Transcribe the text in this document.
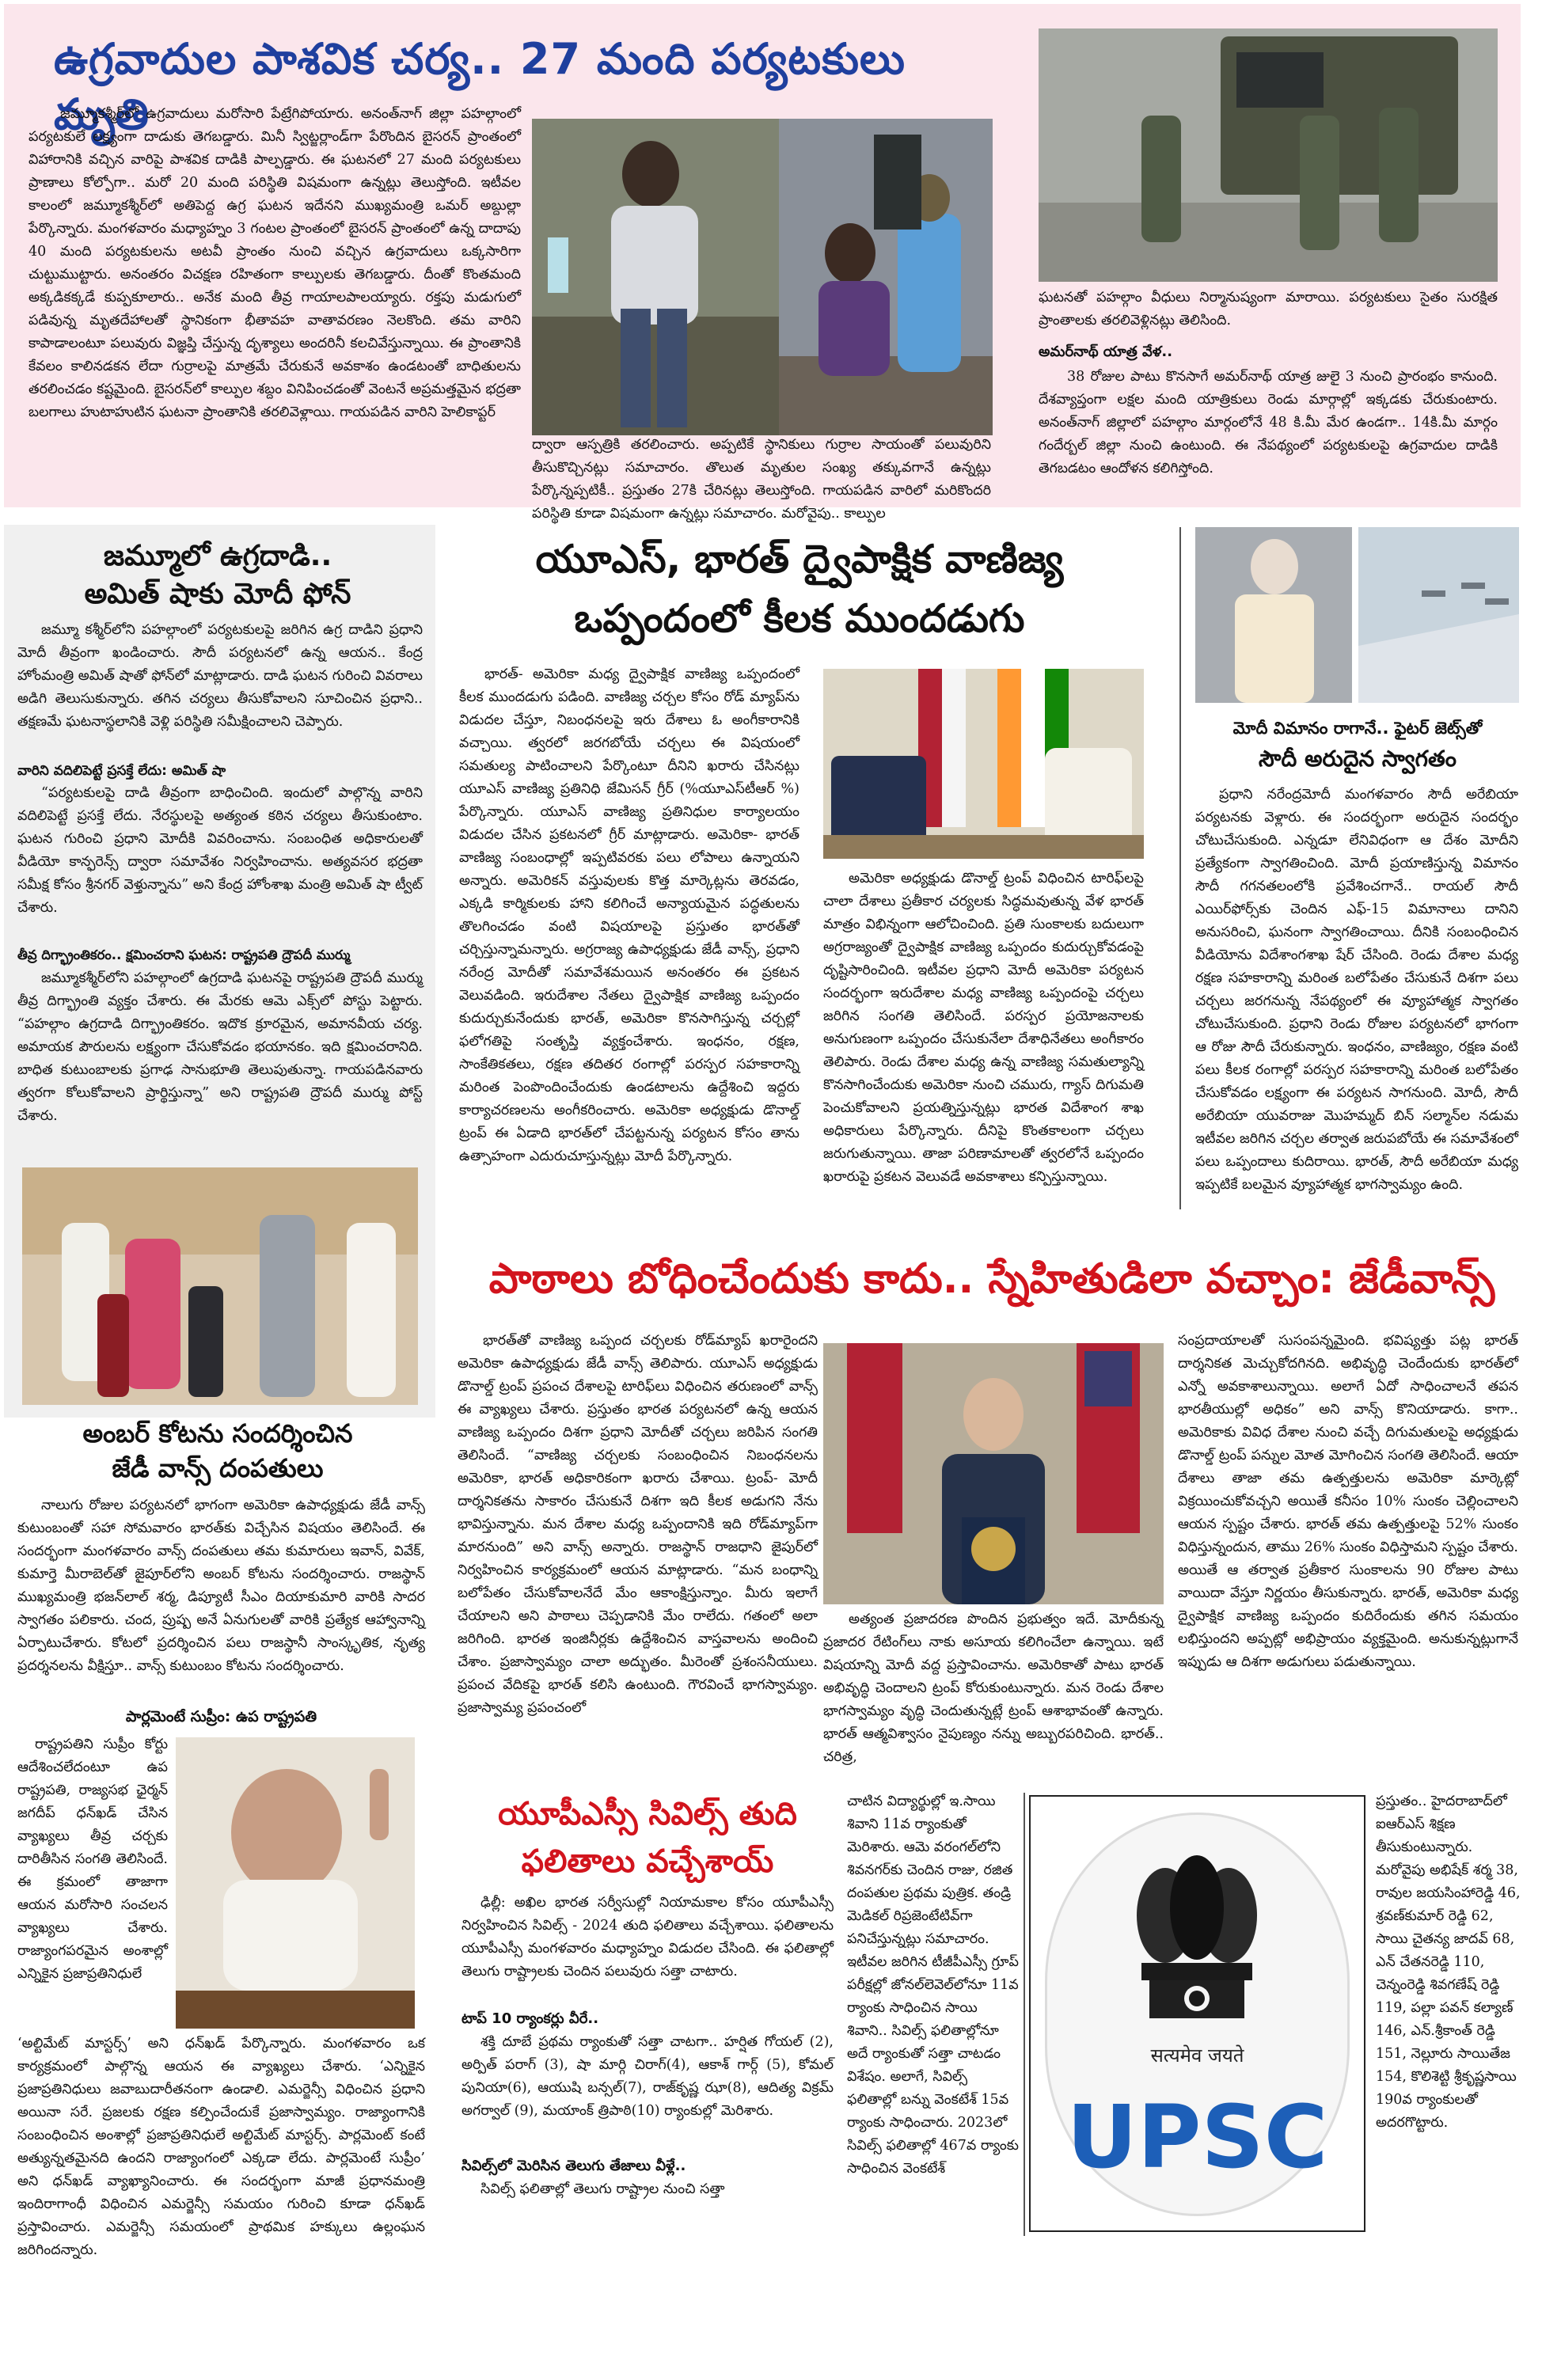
ఉగ్రవాదుల పాశవిక చర్య.. 27 మంది పర్యటకులు మృతి
జమ్మూకశ్మీర్‌లో ఉగ్రవాదులు మరోసారి పేట్రేగిపోయారు. అనంత్‌నాగ్ జిల్లా పహల్గాంలో పర్యటకులే లక్ష్యంగా దాడుకు తెగబడ్డారు. మినీ స్విట్జర్లాండ్‌గా పేరొందిన బైసరన్ ప్రాంతంలో విహారానికి వచ్చిన వారిపై పాశవిక దాడికి పాల్పడ్డారు. ఈ ఘటనలో 27 మంది పర్యటకులు ప్రాణాలు కోల్పోగా.. మరో 20 మంది పరిస్థితి విషమంగా ఉన్నట్లు తెలుస్తోంది. ఇటీవల కాలంలో జమ్మూకశ్మీర్‌లో అతిపెద్ద ఉగ్ర ఘటన ఇదేనని ముఖ్యమంత్రి ఒమర్ అబ్దుల్లా పేర్కొన్నారు. మంగళవారం మధ్యాహ్నం 3 గంటల ప్రాంతంలో బైసరన్ ప్రాంతంలో ఉన్న దాదాపు 40 మంది పర్యటకులను అటవీ ప్రాంతం నుంచి వచ్చిన ఉగ్రవాదులు ఒక్కసారిగా చుట్టుముట్టారు. అనంతరం విచక్షణ రహితంగా కాల్పులకు తెగబడ్డారు. దీంతో కొంతమంది అక్కడికక్కడే కుప్పకూలారు.. అనేక మంది తీవ్ర గాయాలపాలయ్యారు. రక్తపు మడుగులో పడివున్న మృతదేహాలతో స్థానికంగా భీతావహ వాతావరణం నెలకొంది. తమ వారిని కాపాడాలంటూ పలువురు విజ్ఞప్తి చేస్తున్న దృశ్యాలు అందరినీ కలచివేస్తున్నాయి. ఈ ప్రాంతానికి కేవలం కాలినడకన లేదా గుర్రాలపై మాత్రమే చేరుకునే అవకాశం ఉండటంతో బాధితులను తరలించడం కష్టమైంది. బైసరన్‌లో కాల్పుల శబ్దం వినిపించడంతో వెంటనే అప్రమత్తమైన భద్రతా బలగాలు హుటాహుటిన ఘటనా ప్రాంతానికి తరలివెళ్లాయి. గాయపడిన వారిని హెలికాప్టర్
ద్వారా ఆస్పత్రికి తరలించారు. అప్పటికే స్థానికులు గుర్రాల సాయంతో పలువురిని తీసుకొచ్చినట్లు సమాచారం. తొలుత మృతుల సంఖ్య తక్కువగానే ఉన్నట్లు పేర్కొన్నప్పటికీ.. ప్రస్తుతం 27కి చేరినట్లు తెలుస్తోంది. గాయపడిన వారిలో మరికొందరి పరిస్థితి కూడా విషమంగా ఉన్నట్లు సమాచారం. మరోవైపు.. కాల్పుల
ఘటనతో పహల్గాం వీధులు నిర్మానుష్యంగా మారాయి. పర్యటకులు సైతం సురక్షిత ప్రాంతాలకు తరలివెళ్లినట్లు తెలిసింది.
అమర్‌నాథ్ యాత్ర వేళ..
38 రోజుల పాటు కొనసాగే అమర్‌నాథ్ యాత్ర జులై 3 నుంచి ప్రారంభం కానుంది. దేశవ్యాప్తంగా లక్షల మంది యాత్రికులు రెండు మార్గాల్లో ఇక్కడకు చేరుకుంటారు. అనంత్‌నాగ్ జిల్లాలో పహల్గాం మార్గంలోనే 48 కి.మీ మేర ఉండగా.. 14కి.మీ మార్గం గందేర్బల్ జిల్లా నుంచి ఉంటుంది. ఈ నేపథ్యంలో పర్యటకులపై ఉగ్రవాదుల దాడికి తెగబడటం ఆందోళన కలిగిస్తోంది.
జమ్మూలో ఉగ్రదాడి..
అమిత్ షాకు మోదీ ఫోన్
జమ్మూ కశ్మీర్‌లోని పహల్గాంలో పర్యటకులపై జరిగిన ఉగ్ర దాడిని ప్రధాని మోదీ తీవ్రంగా ఖండించారు. సౌదీ పర్యటనలో ఉన్న ఆయన.. కేంద్ర హోంమంత్రి అమిత్ షాతో ఫోన్‌లో మాట్లాడారు. దాడి ఘటన గురించి వివరాలు అడిగి తెలుసుకున్నారు. తగిన చర్యలు తీసుకోవాలని సూచించిన ప్రధాని.. తక్షణమే ఘటనాస్థలానికి వెళ్లి పరిస్థితి సమీక్షించాలని చెప్పారు.
వారిని వదిలిపెట్టే ప్రసక్తే లేదు: అమిత్ షా
“పర్యటకులపై దాడి తీవ్రంగా బాధించింది. ఇందులో పాల్గొన్న వారిని వదిలిపెట్టే ప్రసక్తే లేదు. నేరస్థులపై అత్యంత కఠిన చర్యలు తీసుకుంటాం. ఘటన గురించి ప్రధాని మోదీకి వివరించాను. సంబంధిత అధికారులతో వీడియో కాన్ఫరెన్స్ ద్వారా సమావేశం నిర్వహించాను. అత్యవసర భద్రతా సమీక్ష కోసం శ్రీనగర్ వెళ్తున్నాను” అని కేంద్ర హోంశాఖ మంత్రి అమిత్ షా ట్వీట్ చేశారు.
తీవ్ర దిగ్భ్రాంతికరం.. క్షమించరాని ఘటన: రాష్ట్రపతి ద్రౌపదీ ముర్ము
జమ్మూకశ్మీర్‌లోని పహల్గాంలో ఉగ్రదాడి ఘటనపై రాష్ట్రపతి ద్రౌపదీ ముర్ము తీవ్ర దిగ్భ్రాంతి వ్యక్తం చేశారు. ఈ మేరకు ఆమె ఎక్స్‌లో పోస్టు పెట్టారు. “పహల్గాం ఉగ్రదాడి దిగ్భ్రాంతికరం. ఇదొక క్రూరమైన, అమానవీయ చర్య. అమాయక పౌరులను లక్ష్యంగా చేసుకోవడం భయానకం. ఇది క్షమించరానిది. బాధిత కుటుంబాలకు ప్రగాఢ సానుభూతి తెలుపుతున్నా. గాయపడినవారు త్వరగా కోలుకోవాలని ప్రార్థిస్తున్నా” అని రాష్ట్రపతి ద్రౌపదీ ముర్ము పోస్ట్ చేశారు.
అంబర్ కోటను సందర్శించిన
జేడీ వాన్స్ దంపతులు
నాలుగు రోజుల పర్యటనలో భాగంగా అమెరికా ఉపాధ్యక్షుడు జేడీ వాన్స్ కుటుంబంతో సహా సోమవారం భారత్‌కు విచ్చేసిన విషయం తెలిసిందే. ఈ సందర్భంగా మంగళవారం వాన్స్ దంపతులు తమ కుమారులు ఇవాన్, వివేక్, కుమార్తె మీరాబెల్‌తో జైపూర్‌లోని అంబర్ కోటను సందర్శించారు. రాజస్థాన్ ముఖ్యమంత్రి భజన్‌లాల్ శర్మ, డిప్యూటీ సీఎం దియాకుమారి వారికి సాదర స్వాగతం పలికారు. చంద, ప్రుష్ప అనే ఏనుగులతో వారికి ప్రత్యేక ఆహ్వానాన్ని ఏర్పాటుచేశారు. కోటలో ప్రదర్శించిన పలు రాజస్థానీ సాంస్కృతిక, నృత్య ప్రదర్శనలను వీక్షిస్తూ.. వాన్స్ కుటుంబం కోటను సందర్శించారు.
పార్లమెంటే సుప్రీం: ఉప రాష్ట్రపతి
రాష్ట్రపతిని సుప్రీం కోర్టు ఆదేశించలేదంటూ ఉప రాష్ట్రపతి, రాజ్యసభ ఛైర్మన్ జగదీప్ ధన్‌ఖడ్ చేసిన వ్యాఖ్యలు తీవ్ర చర్చకు దారితీసిన సంగతి తెలిసిందే. ఈ క్రమంలో తాజాగా ఆయన మరోసారి సంచలన వ్యాఖ్యలు చేశారు. రాజ్యాంగపరమైన అంశాల్లో ఎన్నికైన ప్రజాప్రతినిధులే
‘అల్టిమేట్ మాస్టర్స్’ అని ధన్‌ఖడ్ పేర్కొన్నారు. మంగళవారం ఒక కార్యక్రమంలో పాల్గొన్న ఆయన ఈ వ్యాఖ్యలు చేశారు. ‘ఎన్నికైన ప్రజాప్రతినిధులు జవాబుదారీతనంగా ఉండాలి. ఎమర్జెన్సీ విధించిన ప్రధాని అయినా సరే. ప్రజలకు రక్షణ కల్పించేందుకే ప్రజాస్వామ్యం. రాజ్యాంగానికి సంబంధించిన అంశాల్లో ప్రజాప్రతినిధులే అల్టిమేట్ మాస్టర్స్. పార్లమెంట్ కంటే అత్యున్నతమైనది ఉందని రాజ్యాంగంలో ఎక్కడా లేదు. పార్లమెంటే సుప్రీం’ అని ధన్‌ఖడ్ వ్యాఖ్యానించారు. ఈ సందర్భంగా మాజీ ప్రధానమంత్రి ఇందిరాగాంధీ విధించిన ఎమర్జెన్సీ సమయం గురించి కూడా ధన్‌ఖడ్ ప్రస్తావించారు. ఎమర్జెన్సీ సమయంలో ప్రాథమిక హక్కులు ఉల్లంఘన జరిగిందన్నారు.
యూఎస్, భారత్ ద్వైపాక్షిక వాణిజ్య
ఒప్పందంలో కీలక ముందడుగు
భారత్- అమెరికా మధ్య ద్వైపాక్షిక వాణిజ్య ఒప్పందంలో కీలక ముందడుగు పడింది. వాణిజ్య చర్చల కోసం రోడ్ మ్యాప్‌ను విడుదల చేస్తూ, నిబంధనలపై ఇరు దేశాలు ఓ అంగీకారానికి వచ్చాయి. త్వరలో జరగబోయే చర్చలు ఈ విషయంలో సమతుల్య పాటించాలని పేర్కొంటూ దీనిని ఖరారు చేసినట్లు యూఎస్ వాణిజ్య ప్రతినిధి జేమిసన్ గ్రీర్ (%యూఎస్‌టీఆర్‌ %) పేర్కొన్నారు. యూఎస్ వాణిజ్య ప్రతినిధుల కార్యాలయం విడుదల చేసిన ప్రకటనలో గ్రీర్ మాట్లాడారు. అమెరికా- భారత్ వాణిజ్య సంబంధాల్లో ఇప్పటివరకు పలు లోపాలు ఉన్నాయని అన్నారు. అమెరికన్ వస్తువులకు కొత్త మార్కెట్లను తెరవడం, ఎక్కడి కార్మికులకు హాని కలిగించే అన్యాయమైన పద్ధతులను తొలగించడం వంటి విషయాలపై ప్రస్తుతం భారత్‌తో చర్చిస్తున్నామన్నారు. అగ్రరాజ్య ఉపాధ్యక్షుడు జేడీ వాన్స్, ప్రధాని నరేంద్ర మోదీతో సమావేశమయిన అనంతరం ఈ ప్రకటన వెలువడింది. ఇరుదేశాల నేతలు ద్వైపాక్షిక వాణిజ్య ఒప్పందం కుదుర్చుకునేందుకు భారత్, అమెరికా కొనసాగిస్తున్న చర్చల్లో ఫలోగతిపై సంతృప్తి వ్యక్తంచేశారు. ఇంధనం, రక్షణ, సాంకేతికతలు, రక్షణ తదితర రంగాల్లో పరస్పర సహకారాన్ని మరింత పెంపొందించేందుకు ఉండటాలను ఉద్దేశించి ఇద్దరు కార్యాచరణలను అంగీకరించారు. అమెరికా అధ్యక్షుడు డొనాల్డ్ ట్రంప్ ఈ ఏడాది భారత్‌లో చేపట్టనున్న పర్యటన కోసం తాను ఉత్సాహంగా ఎదురుచూస్తున్నట్లు మోదీ పేర్కొన్నారు.
అమెరికా అధ్యక్షుడు డొనాల్డ్ ట్రంప్ విధించిన టారిఫ్‌లపై చాలా దేశాలు ప్రతీకార చర్యలకు సిద్ధమవుతున్న వేళ భారత్ మాత్రం విభిన్నంగా ఆలోచించింది. ప్రతి సుంకాలకు బదులుగా అగ్రరాజ్యంతో ద్వైపాక్షిక వాణిజ్య ఒప్పందం కుదుర్చుకోవడంపై దృష్టిసారించింది. ఇటీవల ప్రధాని మోదీ అమెరికా పర్యటన సందర్భంగా ఇరుదేశాల మధ్య వాణిజ్య ఒప్పందంపై చర్చలు జరిగిన సంగతి తెలిసిందే. పరస్పర ప్రయోజనాలకు అనుగుణంగా ఒప్పందం చేసుకునేలా దేశాధినేతలు అంగీకారం తెలిపారు. రెండు దేశాల మధ్య ఉన్న వాణిజ్య సమతుల్యాన్ని కొనసాగించేందుకు అమెరికా నుంచి చమురు, గ్యాస్ దిగుమతి పెంచుకోవాలని ప్రయత్నిస్తున్నట్లు భారత విదేశాంగ శాఖ అధికారులు పేర్కొన్నారు. దీనిపై కొంతకాలంగా చర్చలు జరుగుతున్నాయి. తాజా పరిణామాలతో త్వరలోనే ఒప్పందం ఖరారుపై ప్రకటన వెలువడే అవకాశాలు కన్పిస్తున్నాయి.
మోదీ విమానం రాగానే.. ఫైటర్ జెట్స్‌తో
సౌదీ అరుదైన స్వాగతం
ప్రధాని నరేంద్రమోదీ మంగళవారం సౌదీ అరేబియా పర్యటనకు వెళ్లారు. ఈ సందర్భంగా అరుదైన సందర్భం చోటుచేసుకుంది. ఎన్నడూ లేనివిధంగా ఆ దేశం మోదీని ప్రత్యేకంగా స్వాగతించింది. మోదీ ప్రయాణిస్తున్న విమానం సౌదీ గగనతలంలోకి ప్రవేశించగానే.. రాయల్ సౌదీ ఎయిర్‌ఫోర్స్‌కు చెందిన ఎఫ్-15 విమానాలు దానిని అనుసరించి, ఘనంగా స్వాగతించాయి. దీనికి సంబంధించిన వీడియోను విదేశాంగశాఖ షేర్ చేసింది. రెండు దేశాల మధ్య రక్షణ సహకారాన్ని మరింత బలోపేతం చేసుకునే దిశగా పలు చర్చలు జరగనున్న నేపథ్యంలో ఈ వ్యూహాత్మక స్వాగతం చోటుచేసుకుంది. ప్రధాని రెండు రోజుల పర్యటనలో భాగంగా ఆ రోజు సౌదీ చేరుకున్నారు. ఇంధనం, వాణిజ్యం, రక్షణ వంటి పలు కీలక రంగాల్లో పరస్పర సహకారాన్ని మరింత బలోపేతం చేసుకోవడం లక్ష్యంగా ఈ పర్యటన సాగనుంది. మోదీ, సౌదీ అరేబియా యువరాజు మొహమ్మద్ బిన్ సల్మాన్‌ల నడుమ ఇటీవల జరిగిన చర్చల తర్వాత జరుపబోయే ఈ సమావేశంలో పలు ఒప్పందాలు కుదిరాయి. భారత్, సౌదీ అరేబియా మధ్య ఇప్పటికే బలమైన వ్యూహాత్మక భాగస్వామ్యం ఉంది.
పాఠాలు బోధించేందుకు కాదు.. స్నేహితుడిలా వచ్చాం: జేడీవాన్స్
భారత్‌తో వాణిజ్య ఒప్పంద చర్చలకు రోడ్‌మ్యాప్ ఖరారైందని అమెరికా ఉపాధ్యక్షుడు జేడీ వాన్స్ తెలిపారు. యూఎస్ అధ్యక్షుడు డొనాల్డ్ ట్రంప్ ప్రపంచ దేశాలపై టారిఫ్‌లు విధించిన తరుణంలో వాన్స్ ఈ వ్యాఖ్యలు చేశారు. ప్రస్తుతం భారత పర్యటనలో ఉన్న ఆయన వాణిజ్య ఒప్పందం దిశగా ప్రధాని మోదీతో చర్చలు జరిపిన సంగతి తెలిసిందే. “వాణిజ్య చర్చలకు సంబంధించిన నిబంధనలను అమెరికా, భారత్ అధికారికంగా ఖరారు చేశాయి. ట్రంప్- మోదీ దార్శనికతను సాకారం చేసుకునే దిశగా ఇది కీలక అడుగని నేను భావిస్తున్నాను. మన దేశాల మధ్య ఒప్పందానికి ఇది రోడ్‌మ్యాప్‌గా మారనుంది” అని వాన్స్ అన్నారు. రాజస్థాన్ రాజధాని జైపుర్‌లో నిర్వహించిన కార్యక్రమంలో ఆయన మాట్లాడారు. “మన బంధాన్ని బలోపేతం చేసుకోవాలనేదే మేం ఆకాంక్షిస్తున్నాం. మీరు ఇలాగే చేయాలని అని పాఠాలు చెప్పడానికి మేం రాలేదు. గతంలో అలా జరిగింది. భారత ఇంజినీర్లకు ఉద్దేశించిన వాస్తవాలను అందించి చేశాం. ప్రజాస్వామ్యం చాలా అద్భుతం. మీరెంతో ప్రశంసనీయులు. ప్రపంచ వేదికపై భారత్ కలిసి ఉంటుంది. గౌరవించే భాగస్వామ్యం. ప్రజాస్వామ్య ప్రపంచంలో
అత్యంత ప్రజాదరణ పొందిన ప్రభుత్వం ఇదే. మోదీకున్న ప్రజాదర రేటింగ్‌లు నాకు అసూయ కలిగించేలా ఉన్నాయి. ఇటే విషయాన్ని మోదీ వద్ద ప్రస్తావించాను. అమెరికాతో పాటు భారత్ అభివృద్ధి చెందాలని ట్రంప్ కోరుకుంటున్నారు. మన రెండు దేశాల భాగస్వామ్యం వృద్ధి చెందుతున్నట్లే ట్రంప్ ఆశాభావంతో ఉన్నారు. భారత్ ఆత్మవిశ్వాసం నైపుణ్యం నన్ను అబ్బురపరిచింది. భారత్.. చరిత్ర,
సంప్రదాయాలతో సుసంపన్నమైంది. భవిష్యత్తు పట్ల భారత్ దార్శనికత మెచ్చుకోదగినది. అభివృద్ధి చెందేందుకు భారత్‌లో ఎన్నో అవకాశాలున్నాయి. అలాగే ఏదో సాధించాలనే తపన భారతీయుల్లో అధికం” అని వాన్స్ కొనియాడారు. కాగా.. అమెరికాకు వివిధ దేశాల నుంచి వచ్చే దిగుమతులపై అధ్యక్షుడు డొనాల్డ్ ట్రంప్ పన్నుల మోత మోగించిన సంగతి తెలిసిందే. ఆయా దేశాలు తాజా తమ ఉత్పత్తులను అమెరికా మార్కెట్లో విక్రయించుకోవచ్చని అయితే కనీసం 10% సుంకం చెల్లించాలని ఆయన స్పష్టం చేశారు. భారత్ తమ ఉత్పత్తులపై 52% సుంకం విధిస్తున్నందున, తాము 26% సుంకం విధిస్తామని స్పష్టం చేశారు. అయితే ఆ తర్వాత ప్రతీకార సుంకాలను 90 రోజుల పాటు వాయిదా వేస్తూ నిర్ణయం తీసుకున్నారు. భారత్, అమెరికా మధ్య ద్వైపాక్షిక వాణిజ్య ఒప్పందం కుదిరేందుకు తగిన సమయం లభిస్తుందని అప్పట్లో అభిప్రాయం వ్యక్తమైంది. అనుకున్నట్లుగానే ఇప్పుడు ఆ దిశగా అడుగులు పడుతున్నాయి.
యూపీఎస్సీ సివిల్స్ తుది
ఫలితాలు వచ్చేశాయ్
ఢిల్లీ: అఖిల భారత సర్వీసుల్లో నియామకాల కోసం యూపీఎస్సీ నిర్వహించిన సివిల్స్ - 2024 తుది ఫలితాలు వచ్చేశాయి. ఫలితాలను యూపీఎస్సీ మంగళవారం మధ్యాహ్నం విడుదల చేసింది. ఈ ఫలితాల్లో తెలుగు రాష్ట్రాలకు చెందిన పలువురు సత్తా చాటారు.
టాప్ 10 ర్యాంకర్లు వీరే..
శక్తి దూబే ప్రథమ ర్యాంకుతో సత్తా చాటగా.. హర్షిత గోయల్ (2), అర్పిత్ పరాగ్ (3), షా మార్గి చిరాగ్(4), ఆకాశ్ గార్గ్ (5), కోమల్ పునియా(6), ఆయుషి బన్సల్(7), రాజ్‌కృష్ణ ఝా(8), ఆదిత్య విక్రమ్ అగర్వాల్ (9), మయాంక్ త్రిపాఠి(10) ర్యాంకుల్లో మెరిశారు.
సివిల్స్‌లో మెరిసిన తెలుగు తేజాలు వీళ్లే..
సివిల్స్ ఫలితాల్లో తెలుగు రాష్ట్రాల నుంచి సత్తా
చాటిన విద్యార్థుల్లో ఇ.సాయి శివాని 11వ ర్యాంకుతో మెరిశారు. ఆమె వరంగల్‌లోని శివనగర్‌కు చెందిన రాజు, రజిత దంపతుల ప్రథమ పుత్రిక. తండ్రి మెడికల్ రిప్రజెంటేటివ్‌గా పనిచేస్తున్నట్లు సమాచారం. ఇటీవల జరిగిన టీజీపీఎస్సీ గ్రూప్ పరీక్షల్లో జోనల్‌లెవెల్‌లోనూ 11వ ర్యాంకు సాధించిన సాయి శివాని.. సివిల్స్ ఫలితాల్లోనూ అదే ర్యాంకుతో సత్తా చాటడం విశేషం. అలాగే, సివిల్స్ ఫలితాల్లో బన్ను వెంకటేశ్ 15వ ర్యాంకు సాధించారు. 2023లో సివిల్స్ ఫలితాల్లో 467వ ర్యాంకు సాధించిన వెంకటేశ్
सत्यमेव जयते
UPSC
ప్రస్తుతం.. హైదరాబాద్‌లో ఐఆర్ఎస్ శిక్షణ తీసుకుంటున్నారు. మరోవైపు అభిషేక్ శర్మ 38, రావుల జయసింహారెడ్డి 46, శ్రవణ్‌కుమార్ రెడ్డి 62, సాయి చైతన్య జాదవ్ 68, ఎన్ చేతనరెడ్డి 110, చెన్నంరెడ్డి శివగణేష్ రెడ్డి 119, పల్లా పవన్ కల్యాణ్ 146, ఎన్.శ్రీకాంత్ రెడ్డి 151, నెల్లూరు సాయితేజ 154, కొలిశెట్టి శ్రీకృష్ణసాయి 190వ ర్యాంకులతో అదరగొట్టారు.
